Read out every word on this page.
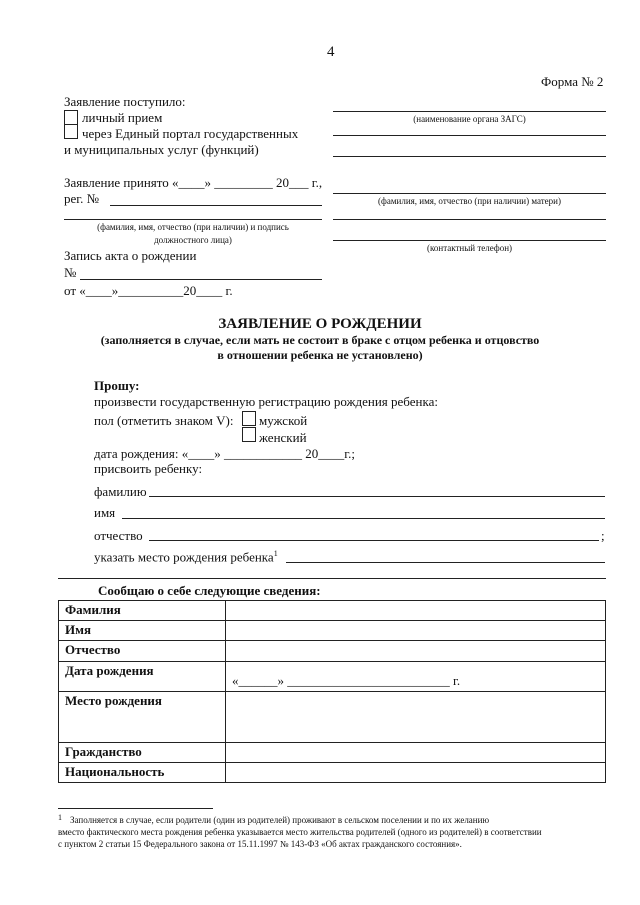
4
Форма № 2
Заявление поступило:
личный прием
через Единый портал государственных
и муниципальных услуг (функций)
Заявление принято «____» _________ 20___ г.,
рег. №
(фамилия, имя, отчество (при наличии) и подпись
должностного лица)
Запись акта о рождении
№
от «____»__________20____ г.
(наименование органа ЗАГС)
(фамилия, имя, отчество (при наличии) матери)
(контактный телефон)
ЗАЯВЛЕНИЕ О РОЖДЕНИИ
(заполняется в случае, если мать не состоит в браке с отцом ребенка и отцовство
в отношении ребенка не установлено)
Прошу:
произвести государственную регистрацию рождения ребенка:
пол (отметить знаком V): мужской
женский
дата рождения: «____» ____________ 20____г.;
присвоить ребенку:
фамилию
имя
отчество	;
указать место рождения ребенка$^1$
Сообщаю о себе следующие сведения:
Фамилия	
Имя	
Отчество	
Дата рождения	«______» _________________________ г.

Место рождения	
Гражданство	
Национальность	
1 Заполняется в случае, если родители (один из родителей) проживают в сельском поселении и по их желанию
вместо фактического места рождения ребенка указывается место жительства родителей (одного из родителей) в соответствии
с пунктом 2 статьи 15 Федерального закона от 15.11.1997 № 143-ФЗ «Об актах гражданского состояния».
